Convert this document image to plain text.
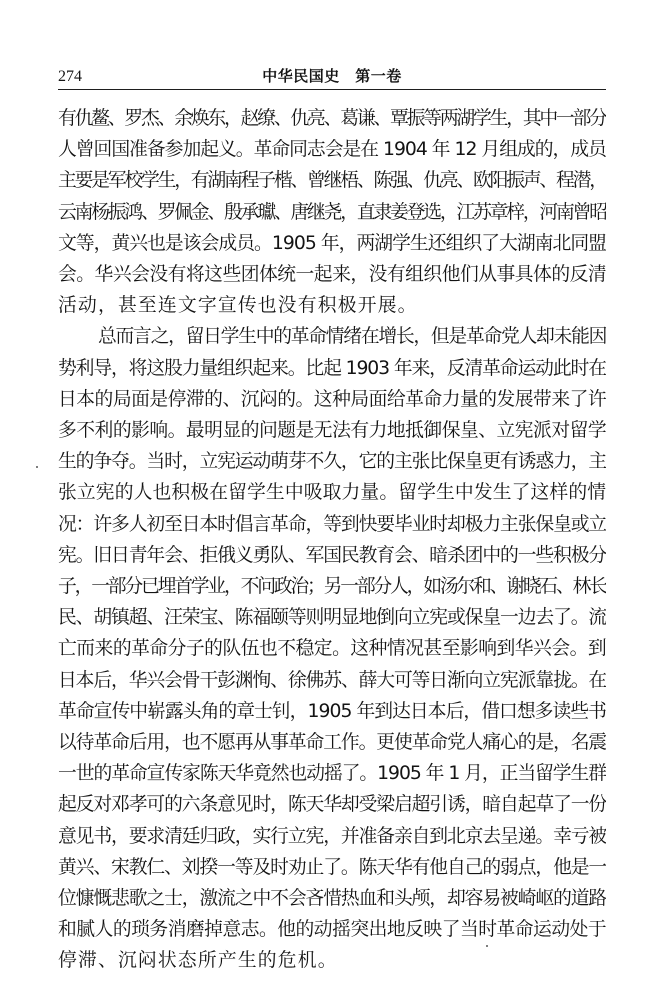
274	中华民国史　第一卷

有仇鳌、罗杰、余焕东，赵缭、仇亮、葛谦、覃振等两湖学生，其中一部分

人曾回国准备参加起义。革命同志会是在 1904 年 12 月组成的，成员

主要是军校学生，有湖南程子楷、曾继梧、陈强、仇亮、欧阳振声、程潜，

云南杨振鸿、罗佩金、殷承瓛、唐继尧，直隶姜登选，江苏章梓，河南曾昭

文等，黄兴也是该会成员。1905 年，两湖学生还组织了大湖南北同盟

会。华兴会没有将这些团体统一起来，没有组织他们从事具体的反清

活动，甚至连文字宣传也没有积极开展。

总而言之，留日学生中的革命情绪在增长，但是革命党人却未能因

势利导，将这股力量组织起来。比起 1903 年来，反清革命运动此时在

日本的局面是停滞的、沉闷的。这种局面给革命力量的发展带来了许

多不利的影响。最明显的问题是无法有力地抵御保皇、立宪派对留学

生的争夺。当时，立宪运动萌芽不久，它的主张比保皇更有诱惑力，主

张立宪的人也积极在留学生中吸取力量。留学生中发生了这样的情

况：许多人初至日本时倡言革命，等到快要毕业时却极力主张保皇或立

宪。旧日青年会、拒俄义勇队、军国民教育会、暗杀团中的一些积极分

子，一部分已埋首学业，不问政治；另一部分人，如汤尔和、谢晓石、林长

民、胡镇超、汪荣宝、陈福颐等则明显地倒向立宪或保皇一边去了。流

亡而来的革命分子的队伍也不稳定。这种情况甚至影响到华兴会。到

日本后，华兴会骨干彭渊恂、徐佛苏、薛大可等日渐向立宪派靠拢。在

革命宣传中崭露头角的章士钊，1905 年到达日本后，借口想多读些书

以待革命后用，也不愿再从事革命工作。更使革命党人痛心的是，名震

一世的革命宣传家陈天华竟然也动摇了。1905 年 1 月，正当留学生群

起反对邓孝可的六条意见时，陈天华却受梁启超引诱，暗自起草了一份

意见书，要求清廷归政，实行立宪，并准备亲自到北京去呈递。幸亏被

黄兴、宋教仁、刘揆一等及时劝止了。陈天华有他自己的弱点，他是一

位慷慨悲歌之士，激流之中不会吝惜热血和头颅，却容易被崎岖的道路

和腻人的琐务消磨掉意志。他的动摇突出地反映了当时革命运动处于

停滞、沉闷状态所产生的危机。
